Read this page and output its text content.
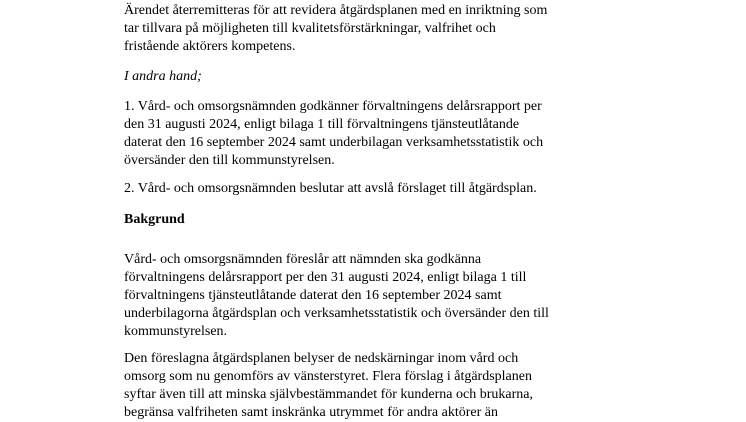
Ärendet återremitteras för att revidera åtgärdsplanen med en inriktning som
tar tillvara på möjligheten till kvalitetsförstärkningar, valfrihet och
fristående aktörers kompetens.

I andra hand;

1. Vård- och omsorgsnämnden godkänner förvaltningens delårsrapport per
den 31 augusti 2024, enligt bilaga 1 till förvaltningens tjänsteutlåtande
daterat den 16 september 2024 samt underbilagan verksamhetsstatistik och
översänder den till kommunstyrelsen.

2. Vård- och omsorgsnämnden beslutar att avslå förslaget till åtgärdsplan.

Bakgrund

Vård- och omsorgsnämnden föreslår att nämnden ska godkänna
förvaltningens delårsrapport per den 31 augusti 2024, enligt bilaga 1 till
förvaltningens tjänsteutlåtande daterat den 16 september 2024 samt
underbilagorna åtgärdsplan och verksamhetsstatistik och översänder den till
kommunstyrelsen.

Den föreslagna åtgärdsplanen belyser de nedskärningar inom vård och
omsorg som nu genomförs av vänsterstyret. Flera förslag i åtgärdsplanen
syftar även till att minska självbestämmandet för kunderna och brukarna,
begränsa valfriheten samt inskränka utrymmet för andra aktörer än
